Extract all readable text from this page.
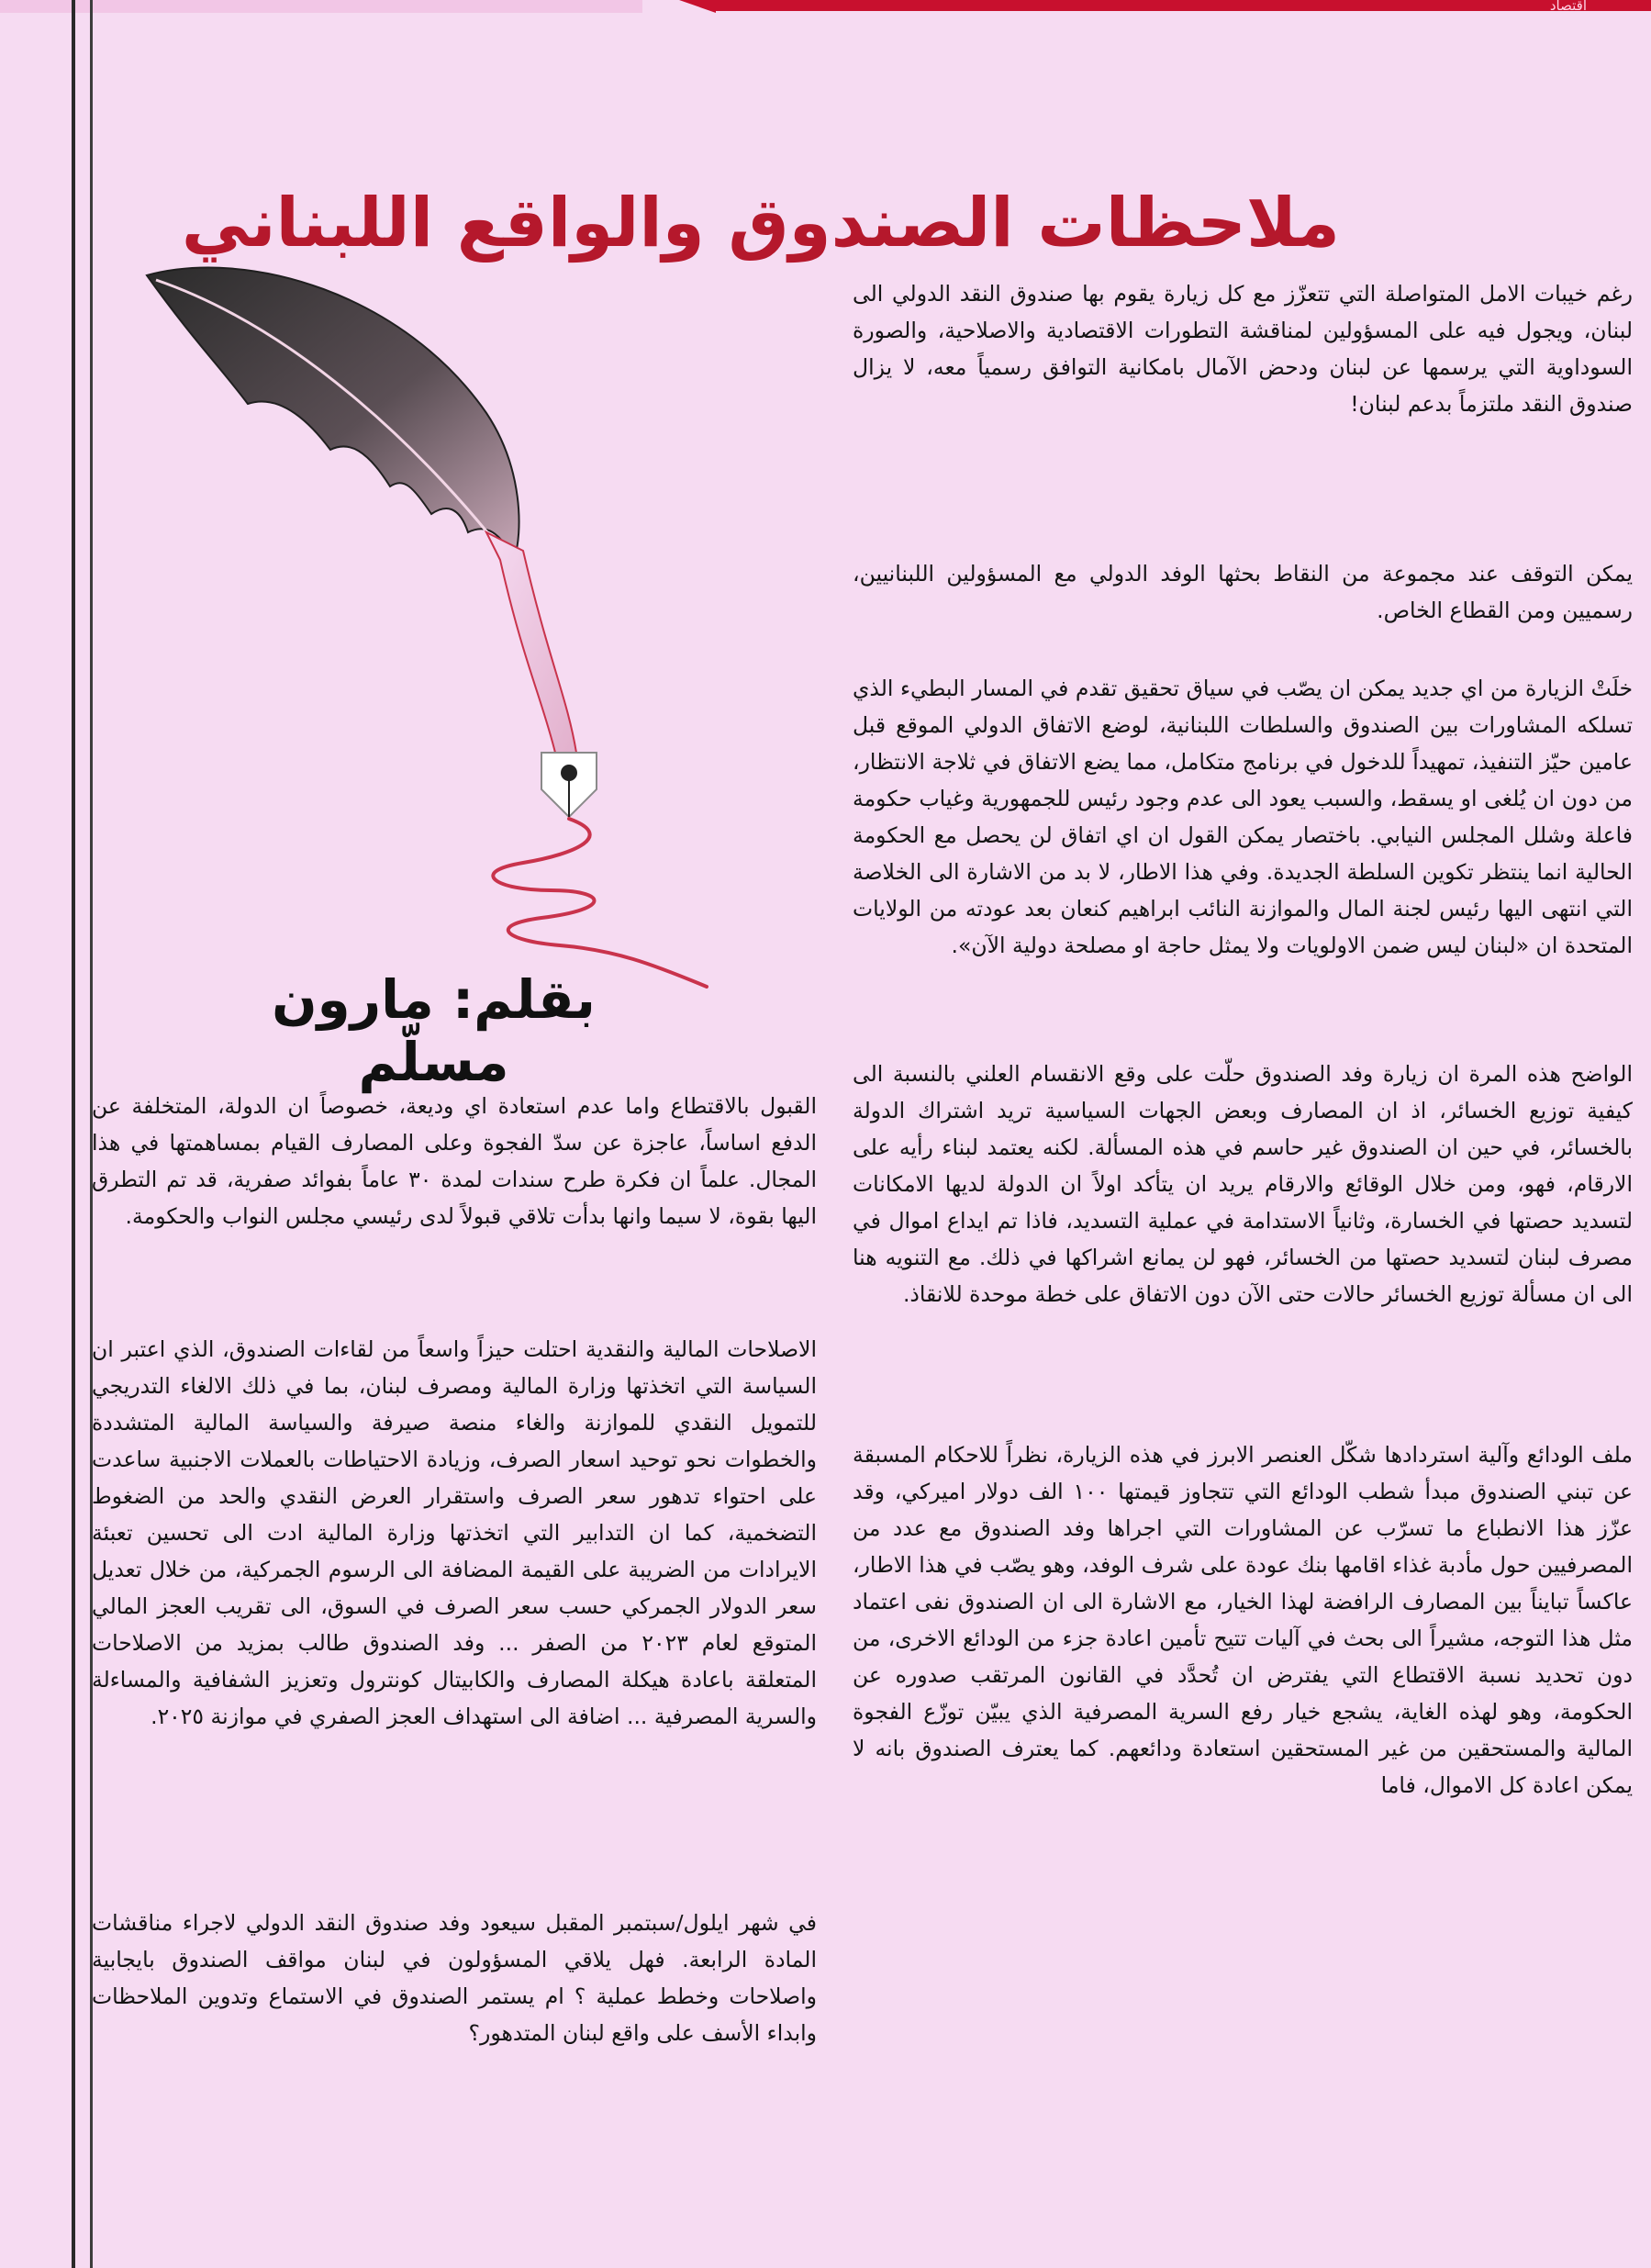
اقتصاد
ملاحظات الصندوق والواقع اللبناني
بقلم: مارون مسلّم

رغم خيبات الامل المتواصلة التي تتعزّز مع كل زيارة يقوم بها صندوق النقد الدولي الى لبنان، ويجول فيه على المسؤولين لمناقشة التطورات الاقتصادية والاصلاحية، والصورة السوداوية التي يرسمها عن لبنان ودحض الآمال بامكانية التوافق رسمياً معه، لا يزال صندوق النقد ملتزماً بدعم لبنان!

يمكن التوقف عند مجموعة من النقاط بحثها الوفد الدولي مع المسؤولين اللبنانيين، رسميين ومن القطاع الخاص.

خلَتْ الزيارة من اي جديد يمكن ان يصّب في سياق تحقيق تقدم في المسار البطيء الذي تسلكه المشاورات بين الصندوق والسلطات اللبنانية، لوضع الاتفاق الدولي الموقع قبل عامين حيّز التنفيذ، تمهيداً للدخول في برنامج متكامل، مما يضع الاتفاق في ثلاجة الانتظار، من دون ان يُلغى او يسقط، والسبب يعود الى عدم وجود رئيس للجمهورية وغياب حكومة فاعلة وشلل المجلس النيابي. باختصار يمكن القول ان اي اتفاق لن يحصل مع الحكومة الحالية انما ينتظر تكوين السلطة الجديدة. وفي هذا الاطار، لا بد من الاشارة الى الخلاصة التي انتهى اليها رئيس لجنة المال والموازنة النائب ابراهيم كنعان بعد عودته من الولايات المتحدة ان «لبنان ليس ضمن الاولويات ولا يمثل حاجة او مصلحة دولية الآن».

الواضح هذه المرة ان زيارة وفد الصندوق حلّت على وقع الانقسام العلني بالنسبة الى كيفية توزيع الخسائر، اذ ان المصارف وبعض الجهات السياسية تريد اشتراك الدولة بالخسائر، في حين ان الصندوق غير حاسم في هذه المسألة. لكنه يعتمد لبناء رأيه على الارقام، فهو، ومن خلال الوقائع والارقام يريد ان يتأكد اولاً ان الدولة لديها الامكانات لتسديد حصتها في الخسارة، وثانياً الاستدامة في عملية التسديد، فاذا تم ايداع اموال في مصرف لبنان لتسديد حصتها من الخسائر، فهو لن يمانع اشراكها في ذلك. مع التنويه هنا الى ان مسألة توزيع الخسائر حالات حتى الآن دون الاتفاق على خطة موحدة للانقاذ.

ملف الودائع وآلية استردادها شكّل العنصر الابرز في هذه الزيارة، نظراً للاحكام المسبقة عن تبني الصندوق مبدأ شطب الودائع التي تتجاوز قيمتها ١٠٠ الف دولار اميركي، وقد عزّز هذا الانطباع ما تسرّب عن المشاورات التي اجراها وفد الصندوق مع عدد من المصرفيين حول مأدبة غذاء اقامها بنك عودة على شرف الوفد، وهو يصّب في هذا الاطار، عاكساً تبايناً بين المصارف الرافضة لهذا الخيار، مع الاشارة الى ان الصندوق نفى اعتماد مثل هذا التوجه، مشيراً الى بحث في آليات تتيح تأمين اعادة جزء من الودائع الاخرى، من دون تحديد نسبة الاقتطاع التي يفترض ان تُحدَّد في القانون المرتقب صدوره عن الحكومة، وهو لهذه الغاية، يشجع خيار رفع السرية المصرفية الذي يبيّن توزّع الفجوة المالية والمستحقين من غير المستحقين استعادة ودائعهم. كما يعترف الصندوق بانه لا يمكن اعادة كل الاموال، فاما

القبول بالاقتطاع واما عدم استعادة اي وديعة، خصوصاً ان الدولة، المتخلفة عن الدفع اساساً، عاجزة عن سدّ الفجوة وعلى المصارف القيام بمساهمتها في هذا المجال. علماً ان فكرة طرح سندات لمدة ٣٠ عاماً بفوائد صفرية، قد تم التطرق اليها بقوة، لا سيما وانها بدأت تلاقي قبولاً لدى رئيسي مجلس النواب والحكومة.

الاصلاحات المالية والنقدية احتلت حيزاً واسعاً من لقاءات الصندوق، الذي اعتبر ان السياسة التي اتخذتها وزارة المالية ومصرف لبنان، بما في ذلك الالغاء التدريجي للتمويل النقدي للموازنة والغاء منصة صيرفة والسياسة المالية المتشددة والخطوات نحو توحيد اسعار الصرف، وزيادة الاحتياطات بالعملات الاجنبية ساعدت على احتواء تدهور سعر الصرف واستقرار العرض النقدي والحد من الضغوط التضخمية، كما ان التدابير التي اتخذتها وزارة المالية ادت الى تحسين تعبئة الايرادات من الضريبة على القيمة المضافة الى الرسوم الجمركية، من خلال تعديل سعر الدولار الجمركي حسب سعر الصرف في السوق، الى تقريب العجز المالي المتوقع لعام ٢٠٢٣ من الصفر ... وفد الصندوق طالب بمزيد من الاصلاحات المتعلقة باعادة هيكلة المصارف والكابيتال كونترول وتعزيز الشفافية والمساءلة والسرية المصرفية ... اضافة الى استهداف العجز الصفري في موازنة ٢٠٢٥.

في شهر ايلول/سبتمبر المقبل سيعود وفد صندوق النقد الدولي لاجراء مناقشات المادة الرابعة. فهل يلاقي المسؤولون في لبنان مواقف الصندوق بايجابية واصلاحات وخطط عملية ؟ ام يستمر الصندوق في الاستماع وتدوين الملاحظات وابداء الأسف على واقع لبنان المتدهور؟
